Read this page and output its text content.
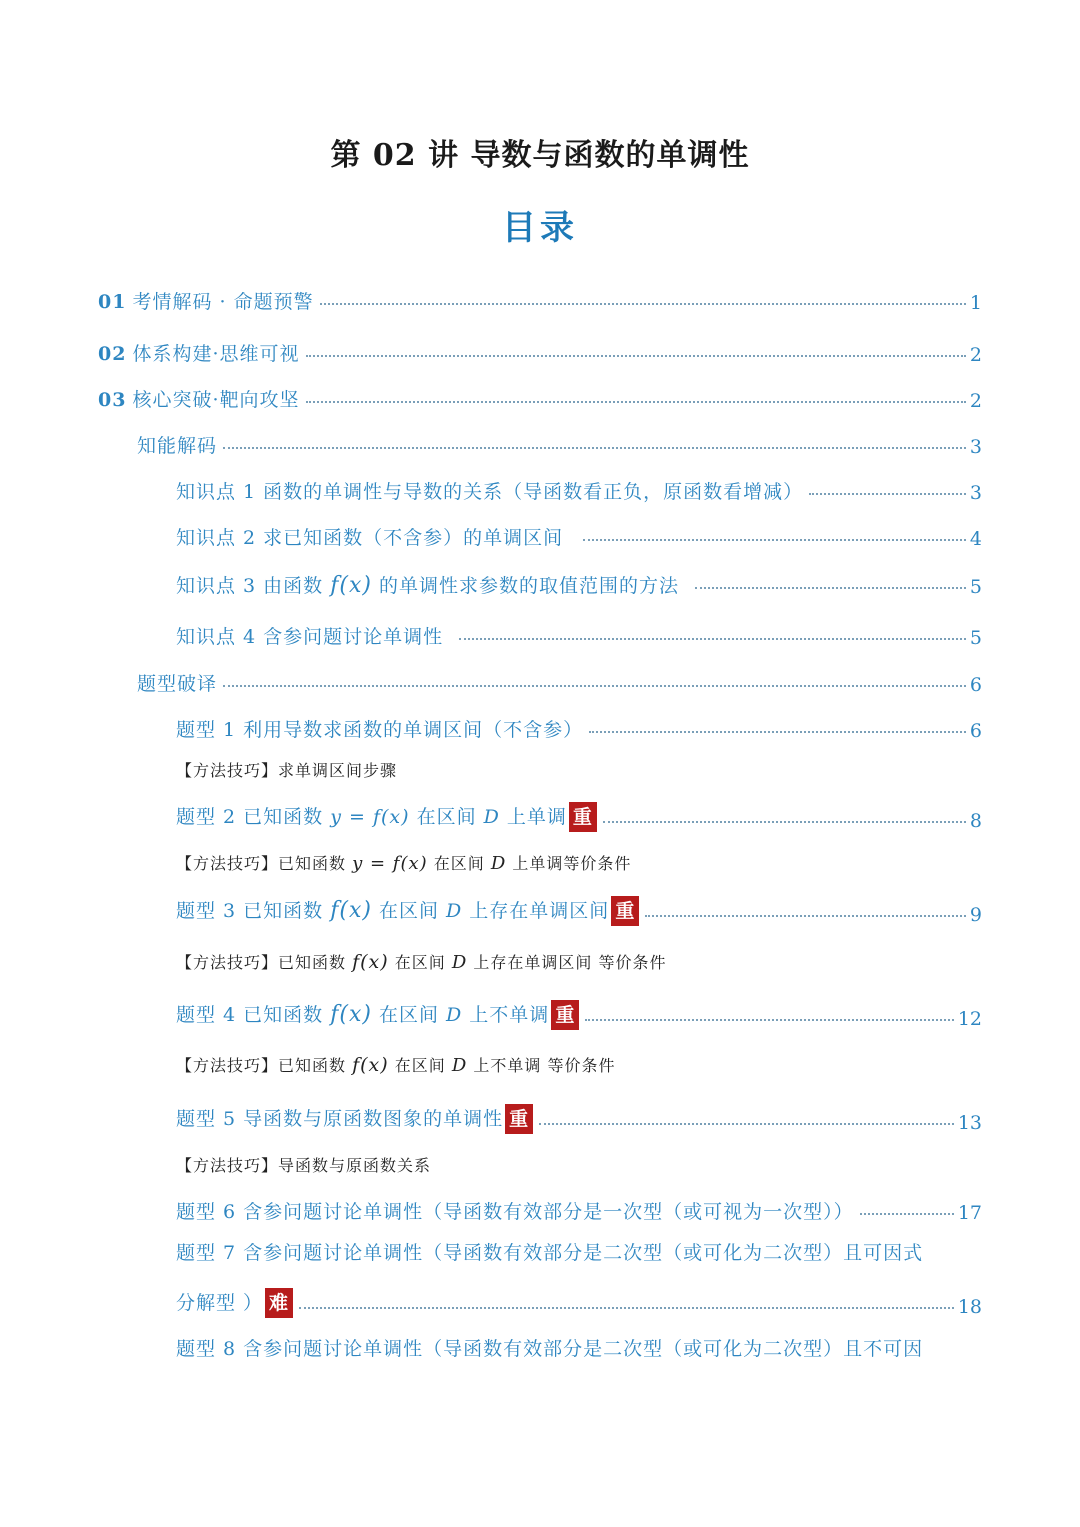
第 02 讲 导数与函数的单调性
目录
01 考情解码 · 命题预警	1
02 体系构建·思维可视	2
03 核心突破·靶向攻坚	2
知能解码	3
知识点 1 函数的单调性与导数的关系（导函数看正负，原函数看增减）	3
知识点 2 求已知函数（不含参）的单调区间	4
知识点 3 由函数 f(x) 的单调性求参数的取值范围的方法	5
知识点 4 含参问题讨论单调性	5
题型破译	6
题型 1 利用导数求函数的单调区间（不含参）	6
【方法技巧】求单调区间步骤
题型 2 已知函数 y = f(x) 在区间 D 上单调 重	8
【方法技巧】已知函数 y = f(x) 在区间 D 上单调等价条件
题型 3 已知函数 f(x) 在区间 D 上存在单调区间 重	9
【方法技巧】已知函数 f(x) 在区间 D 上存在单调区间 等价条件
题型 4 已知函数 f(x) 在区间 D 上不单调 重	12
【方法技巧】已知函数 f(x) 在区间 D 上不单调 等价条件
题型 5 导函数与原函数图象的单调性 重	13
【方法技巧】导函数与原函数关系
题型 6 含参问题讨论单调性（导函数有效部分是一次型（或可视为一次型））	17
题型 7 含参问题讨论单调性（导函数有效部分是二次型（或可化为二次型）且可因式
分解型 ） 难	18
题型 8 含参问题讨论单调性（导函数有效部分是二次型（或可化为二次型）且不可因
